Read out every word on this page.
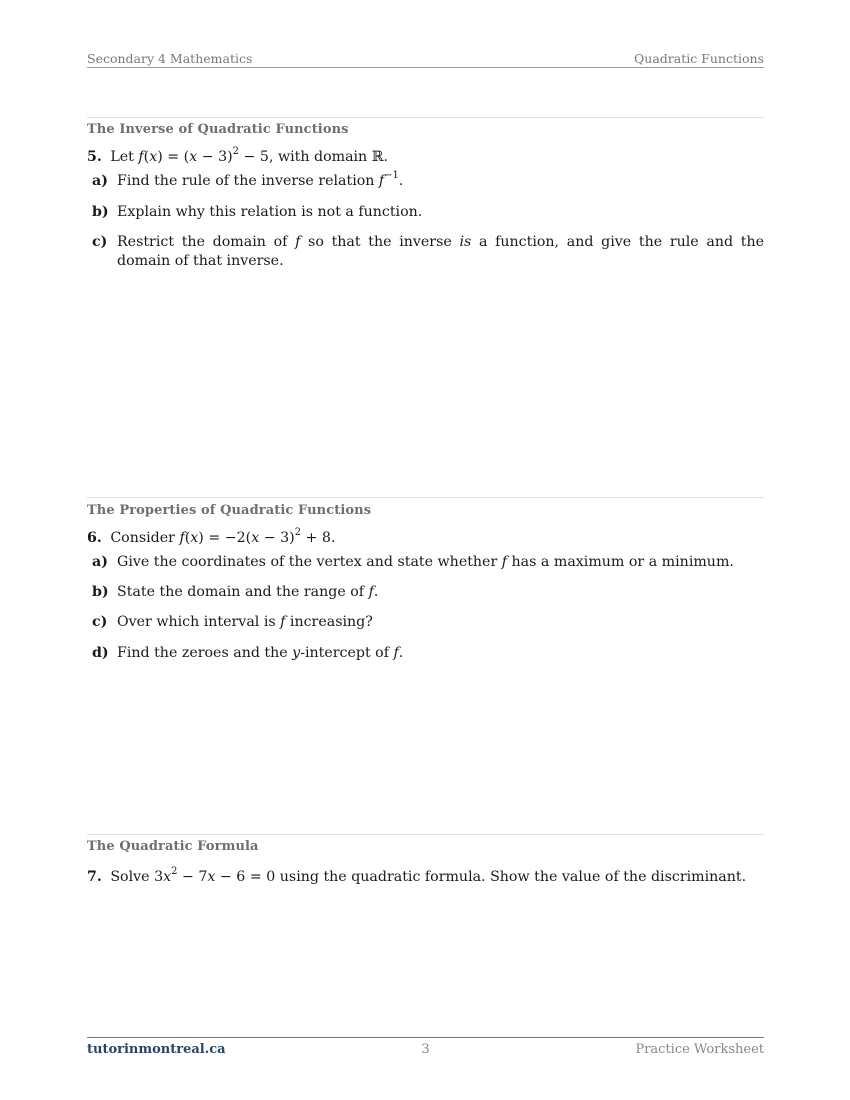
Secondary 4 Mathematics	Quadratic Functions
The Inverse of Quadratic Functions
5. Let $f(x) = (x - 3)^2 - 5$, with domain ℝ.
a) Find the rule of the inverse relation $f^{-1}$.
b) Explain why this relation is not a function.
c) Restrict the domain of f so that the inverse is a function, and give the rule and the domain of that inverse.
The Properties of Quadratic Functions
6. Consider $f(x) = -2(x - 3)^2 + 8$.
a) Give the coordinates of the vertex and state whether f has a maximum or a minimum.
b) State the domain and the range of f.
c) Over which interval is f increasing?
d) Find the zeroes and the y-intercept of f.
The Quadratic Formula
7. Solve $3x^2 - 7x - 6 = 0$ using the quadratic formula. Show the value of the discriminant.
3
tutorinmontreal.ca	Practice Worksheet
